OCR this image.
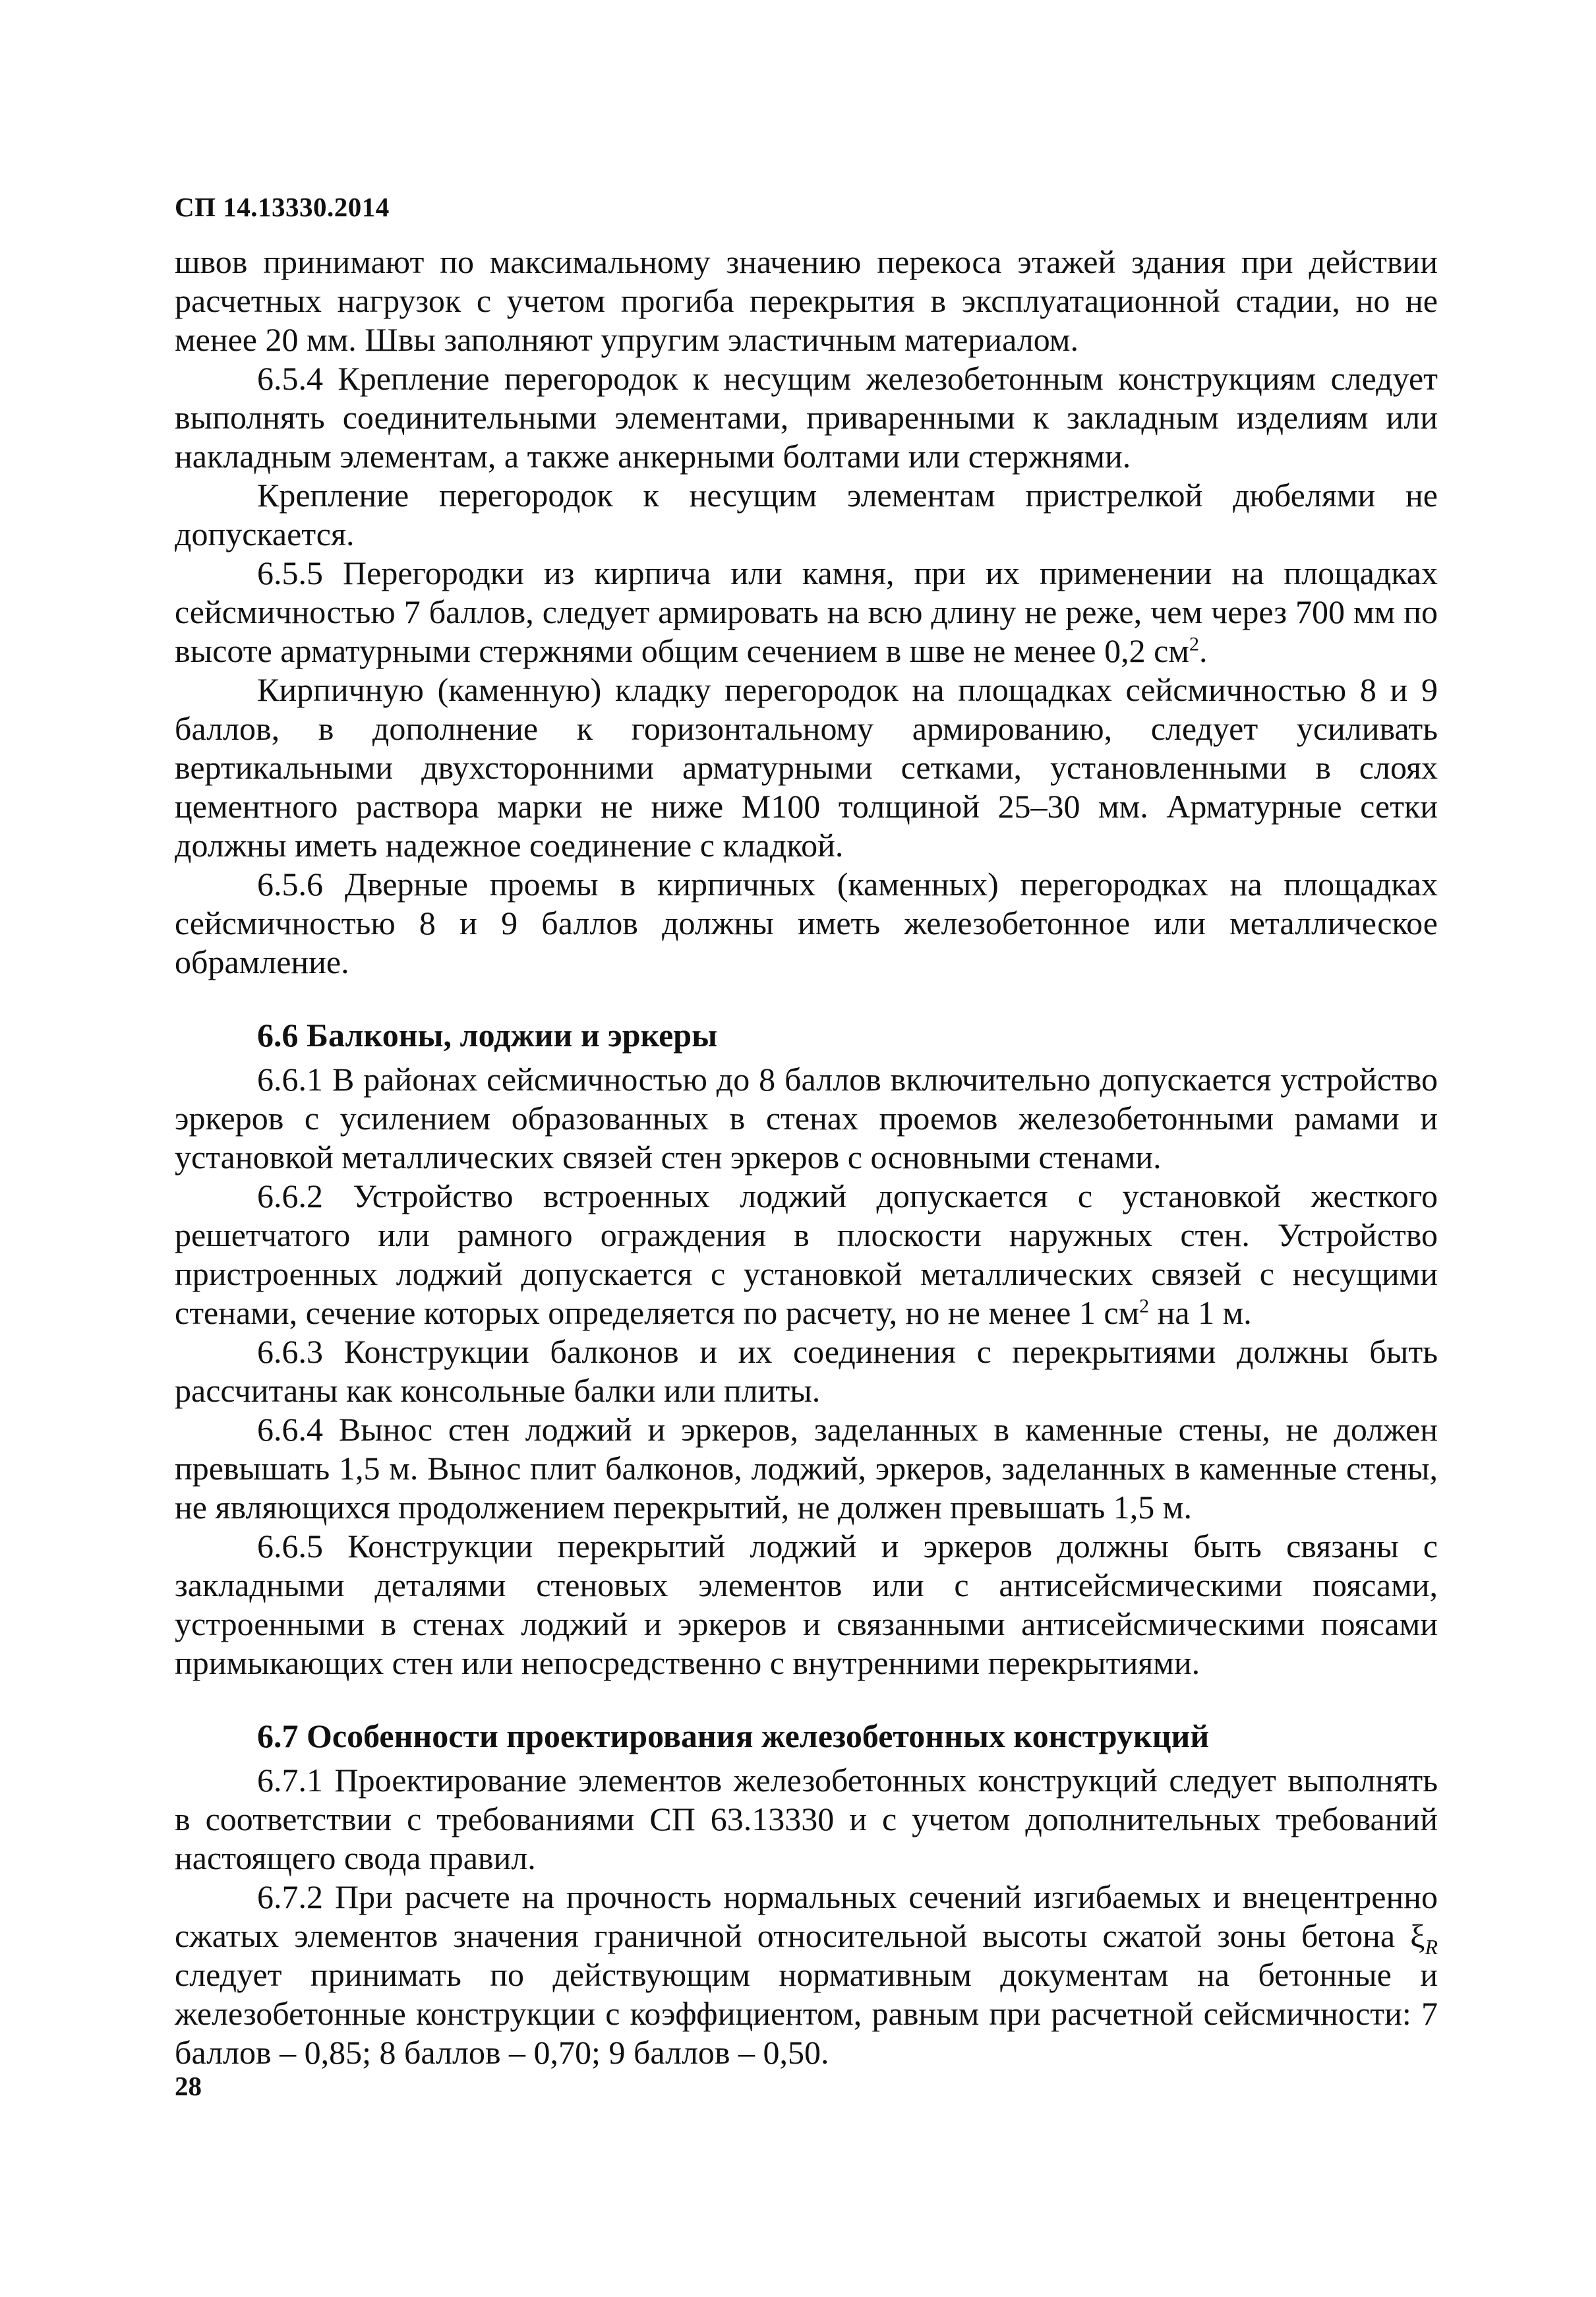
СП 14.13330.2014

швов принимают по максимальному значению перекоса этажей здания при действии расчетных нагрузок с учетом прогиба перекрытия в эксплуатационной стадии, но не менее 20 мм. Швы заполняют упругим эластичным материалом.

6.5.4 Крепление перегородок к несущим железобетонным конструкциям следует выполнять соединительными элементами, приваренными к закладным изделиям или накладным элементам, а также анкерными болтами или стержнями.

Крепление перегородок к несущим элементам пристрелкой дюбелями не допускается.

6.5.5 Перегородки из кирпича или камня, при их применении на площадках сейсмичностью 7 баллов, следует армировать на всю длину не реже, чем через 700 мм по высоте арматурными стержнями общим сечением в шве не менее 0,2 $см^2$.

Кирпичную (каменную) кладку перегородок на площадках сейсмичностью 8 и 9 баллов, в дополнение к горизонтальному армированию, следует усиливать вертикальными двухсторонними арматурными сетками, установленными в слоях цементного раствора марки не ниже М100 толщиной 25–30 мм. Арматурные сетки должны иметь надежное соединение с кладкой.

6.5.6 Дверные проемы в кирпичных (каменных) перегородках на площадках сейсмичностью 8 и 9 баллов должны иметь железобетонное или металлическое обрамление.

6.6 Балконы, лоджии и эркеры

6.6.1 В районах сейсмичностью до 8 баллов включительно допускается устройство эркеров с усилением образованных в стенах проемов железобетонными рамами и установкой металлических связей стен эркеров с основными стенами.

6.6.2 Устройство встроенных лоджий допускается с установкой жесткого решетчатого или рамного ограждения в плоскости наружных стен. Устройство пристроенных лоджий допускается с установкой металлических связей с несущими стенами, сечение которых определяется по расчету, но не менее 1 $см^2$ на 1 м.

6.6.3 Конструкции балконов и их соединения с перекрытиями должны быть рассчитаны как консольные балки или плиты.

6.6.4 Вынос стен лоджий и эркеров, заделанных в каменные стены, не должен превышать 1,5 м. Вынос плит балконов, лоджий, эркеров, заделанных в каменные стены, не являющихся продолжением перекрытий, не должен превышать 1,5 м.

6.6.5 Конструкции перекрытий лоджий и эркеров должны быть связаны с закладными деталями стеновых элементов или с антисейсмическими поясами, устроенными в стенах лоджий и эркеров и связанными антисейсмическими поясами примыкающих стен или непосредственно с внутренними перекрытиями.

6.7 Особенности проектирования железобетонных конструкций

6.7.1 Проектирование элементов железобетонных конструкций следует выполнять в соответствии с требованиями СП 63.13330 и с учетом дополнительных требований настоящего свода правил.

6.7.2 При расчете на прочность нормальных сечений изгибаемых и внецентренно сжатых элементов значения граничной относительной высоты сжатой зоны бетона $\xi_R$ следует принимать по действующим нормативным документам на бетонные и железобетонные конструкции с коэффициентом, равным при расчетной сейсмичности: 7 баллов – 0,85; 8 баллов – 0,70; 9 баллов – 0,50.

28
